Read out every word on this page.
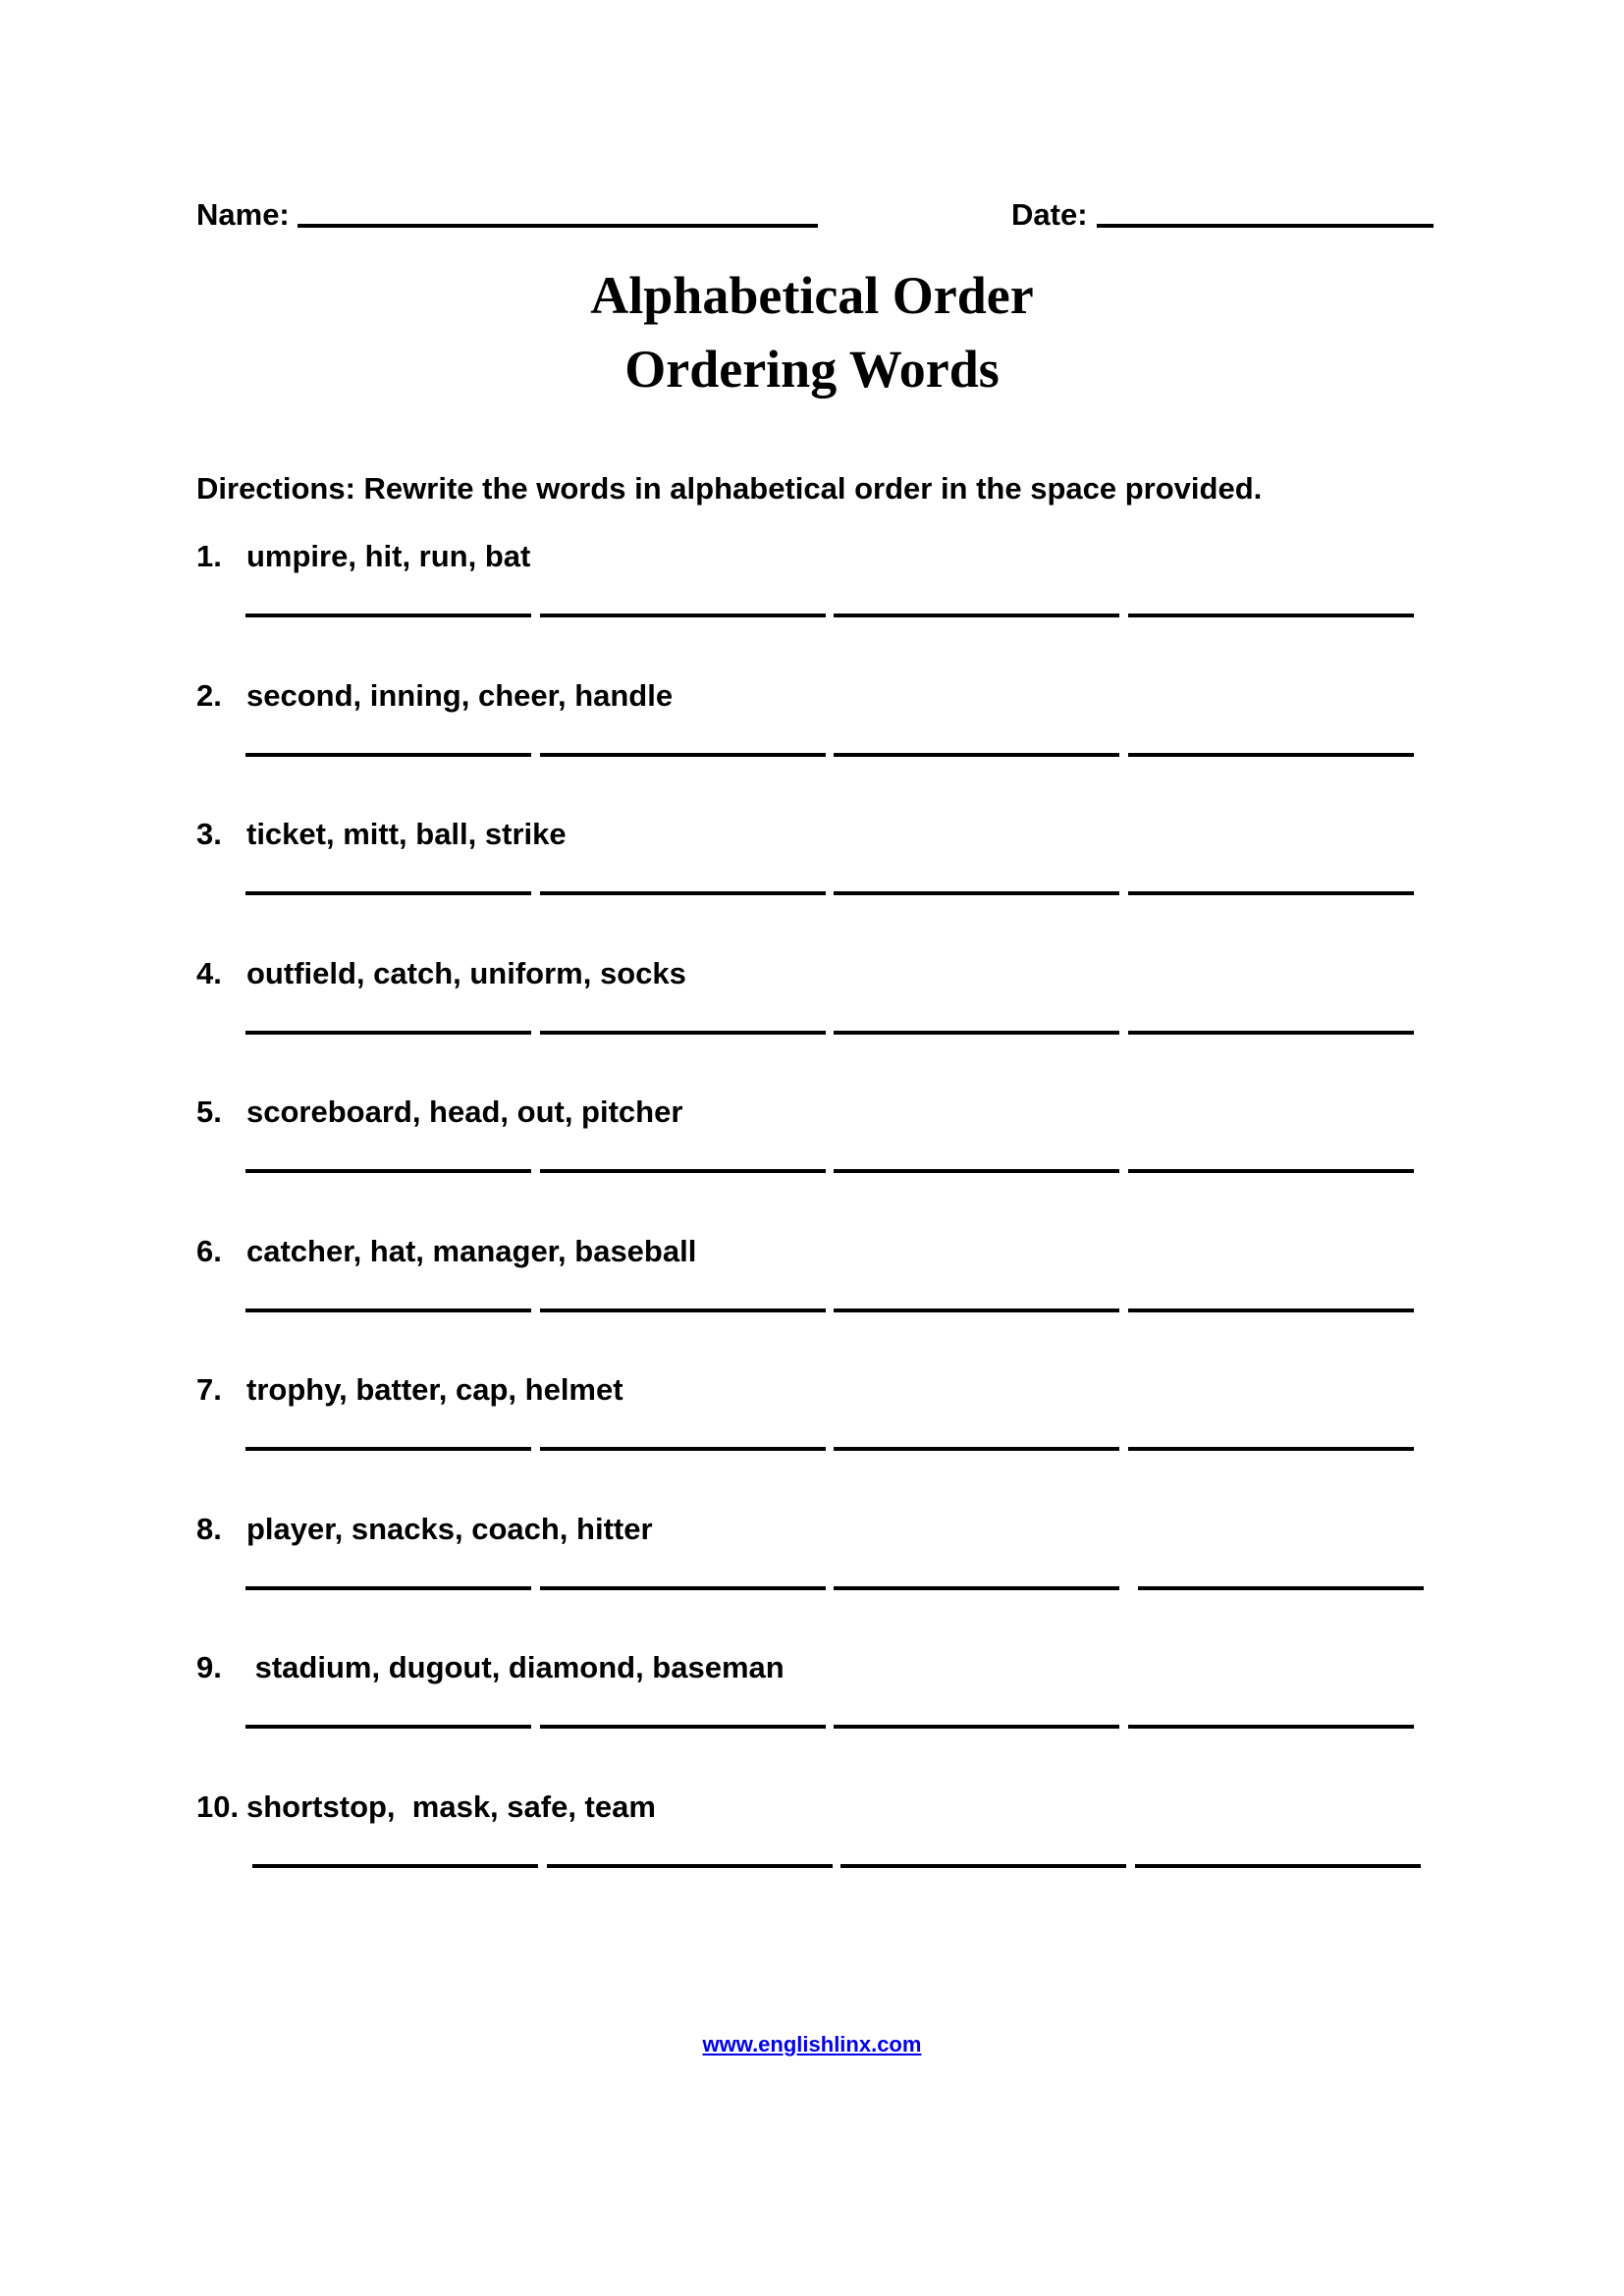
Name:	Date:
Alphabetical Order
Ordering Words
Directions: Rewrite the words in alphabetical order in the space provided.
1. umpire, hit, run, bat
2. second, inning, cheer, handle
3. ticket, mitt, ball, strike
4. outfield, catch, uniform, socks
5. scoreboard, head, out, pitcher
6. catcher, hat, manager, baseball
7. trophy, batter, cap, helmet
8. player, snacks, coach, hitter
9. stadium, dugout, diamond, baseman
10. shortstop,  mask, safe, team
www.englishlinx.com
